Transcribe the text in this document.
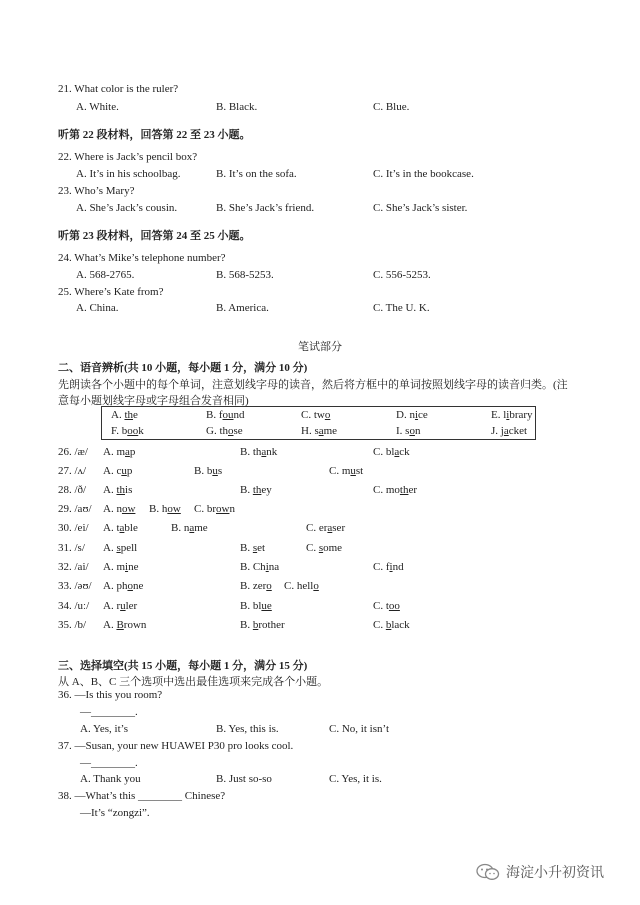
21. What color is the ruler?
A. White.	B. Black.	C. Blue.
听第 22 段材料，回答第 22 至 23 小题。
22. Where is Jack’s pencil box?
A. It’s in his schoolbag.	B. It’s on the sofa.	C. It’s in the bookcase.
23. Who’s Mary?
A. She’s Jack’s cousin.	B. She’s Jack’s friend.	C. She’s Jack’s sister.
听第 23 段材料，回答第 24 至 25 小题。
24. What’s Mike’s telephone number?
A. 568-2765.	B. 568-5253.	C. 556-5253.
25. Where’s Kate from?
A. China.	B. America.	C. The U. K.
笔试部分
二、语音辨析(共 10 小题，每小题 1 分，满分 10 分)
先朗读各个小题中的每个单词，注意划线字母的读音，然后将方框中的单词按照划线字母的读音归类。(注
意每小题划线字母或字母组合发音相同)
A. the	B. found	C. two	D. nice	E. library
F. book	G. those	H. same	I. son	J. jacket
26. /æ/ A. map	B. thank	C. black
27. /ʌ/ A. cup	B. bus	C. must
28. /ð/ A. this	B. they	C. mother
29. /aʊ/ A. now B. how C. brown
30. /ei/ A. table	B. name	C. eraser
31. /s/ A. spell	B. set	C. some
32. /ai/ A. mine	B. China	C. find
33. /əʊ/ A. phone	B. zero C. hello
34. /uː/ A. ruler	B. blue	C. too
35. /b/ A. Brown	B. brother	C. black
三、选择填空(共 15 小题，每小题 1 分，满分 15 分)
从 A、B、C 三个选项中选出最佳选项来完成各个小题。
36. —Is this you room?
—________.
A. Yes, it’s	B. Yes, this is.	C. No, it isn’t
37. —Susan, your new HUAWEI P30 pro looks cool.
—________.
A. Thank you	B. Just so-so	C. Yes, it is.
38. —What’s this ________ Chinese?
—It’s “zongzi”.
海淀小升初资讯
